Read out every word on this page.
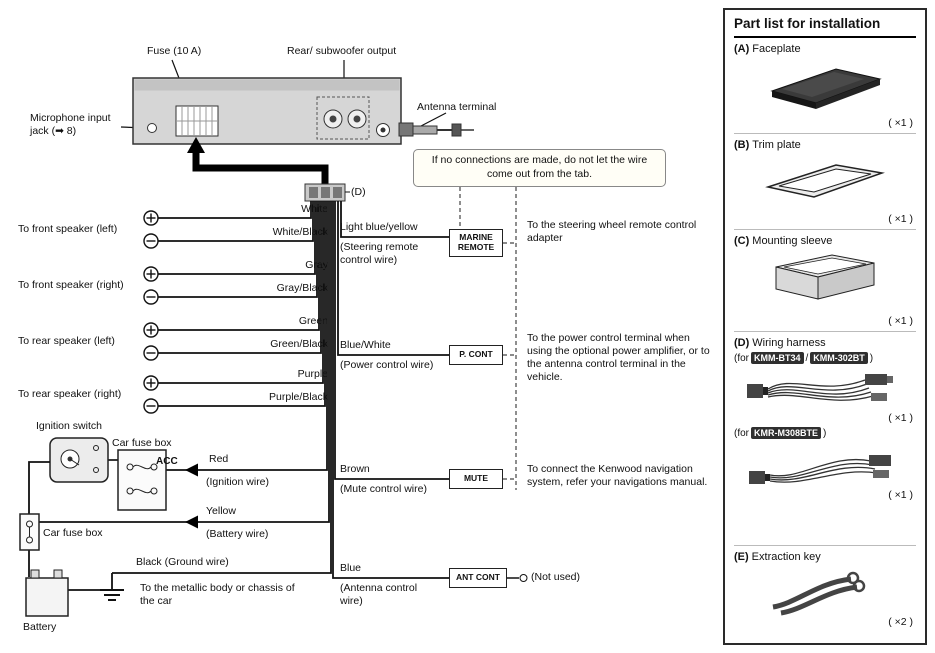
Fuse (10 A)	Rear/ subwoofer output
Antenna terminal
Microphone input jack (➡ 8)
If no connections are made, do not let the wire come out from the tab.
(D)
To front speaker (left)
To front speaker (right)
To rear speaker (left)
To rear speaker (right)
White
White/Black
Gray
Gray/Black
Green
Green/Black
Purple
Purple/Black
Light blue/yellow
(Steering remote control wire)
MARINE REMOTE
To the steering wheel remote control adapter
Blue/White
(Power control wire)
P. CONT
To the power control terminal when using the optional power amplifier, or to the antenna control terminal in the vehicle.
Brown
(Mute control wire)
MUTE
To connect the Kenwood navigation system, refer your navigations manual.
Blue
(Antenna control wire)
ANT CONT	(Not used)
Ignition switch
Car fuse box
ACC	Red
(Ignition wire)
Yellow
(Battery wire)
Car fuse box
Black (Ground wire)
To the metallic body or chassis of the car
Battery
Part list for installation
(A) Faceplate
( ×1 )
(B) Trim plate
( ×1 )
(C) Mounting sleeve
( ×1 )
(D) Wiring harness
(for KMM-BT34 / KMM-302BT )
( ×1 )
(for KMR-M308BTE )
( ×1 )
(E) Extraction key
( ×2 )
